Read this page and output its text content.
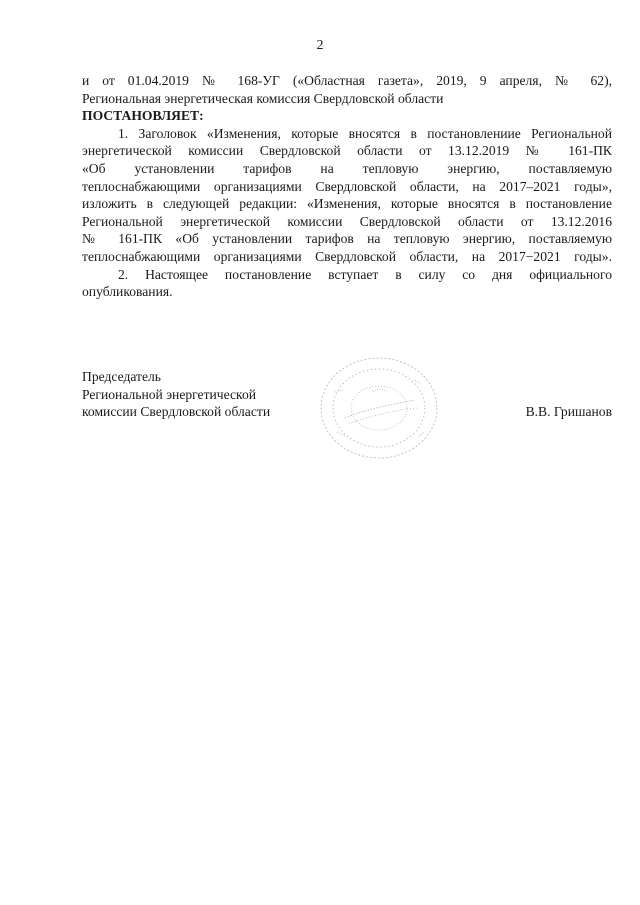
2
и от 01.04.2019 № 168-УГ («Областная газета», 2019, 9 апреля, № 62),
Региональная энергетическая комиссия Свердловской области
ПОСТАНОВЛЯЕТ:
1. Заголовок «Изменения, которые вносятся в постановлениие Региональной
энергетической комиссии Свердловской области от 13.12.2019 № 161-ПК
«Об установлении тарифов на тепловую энергию, поставляемую
теплоснабжающими организациями Свердловской области, на 2017–2021 годы»,
изложить в следующей редакции: «Изменения, которые вносятся в постановление
Региональной энергетической комиссии Свердловской области от 13.12.2016
№ 161-ПК «Об установлении тарифов на тепловую энергию, поставляемую
теплоснабжающими организациями Свердловской области, на 2017−2021 годы».
2. Настоящее постановление вступает в силу со дня официального
опубликования.
Председатель
Региональной энергетической
комиссии Свердловской области	В.В. Гришанов
